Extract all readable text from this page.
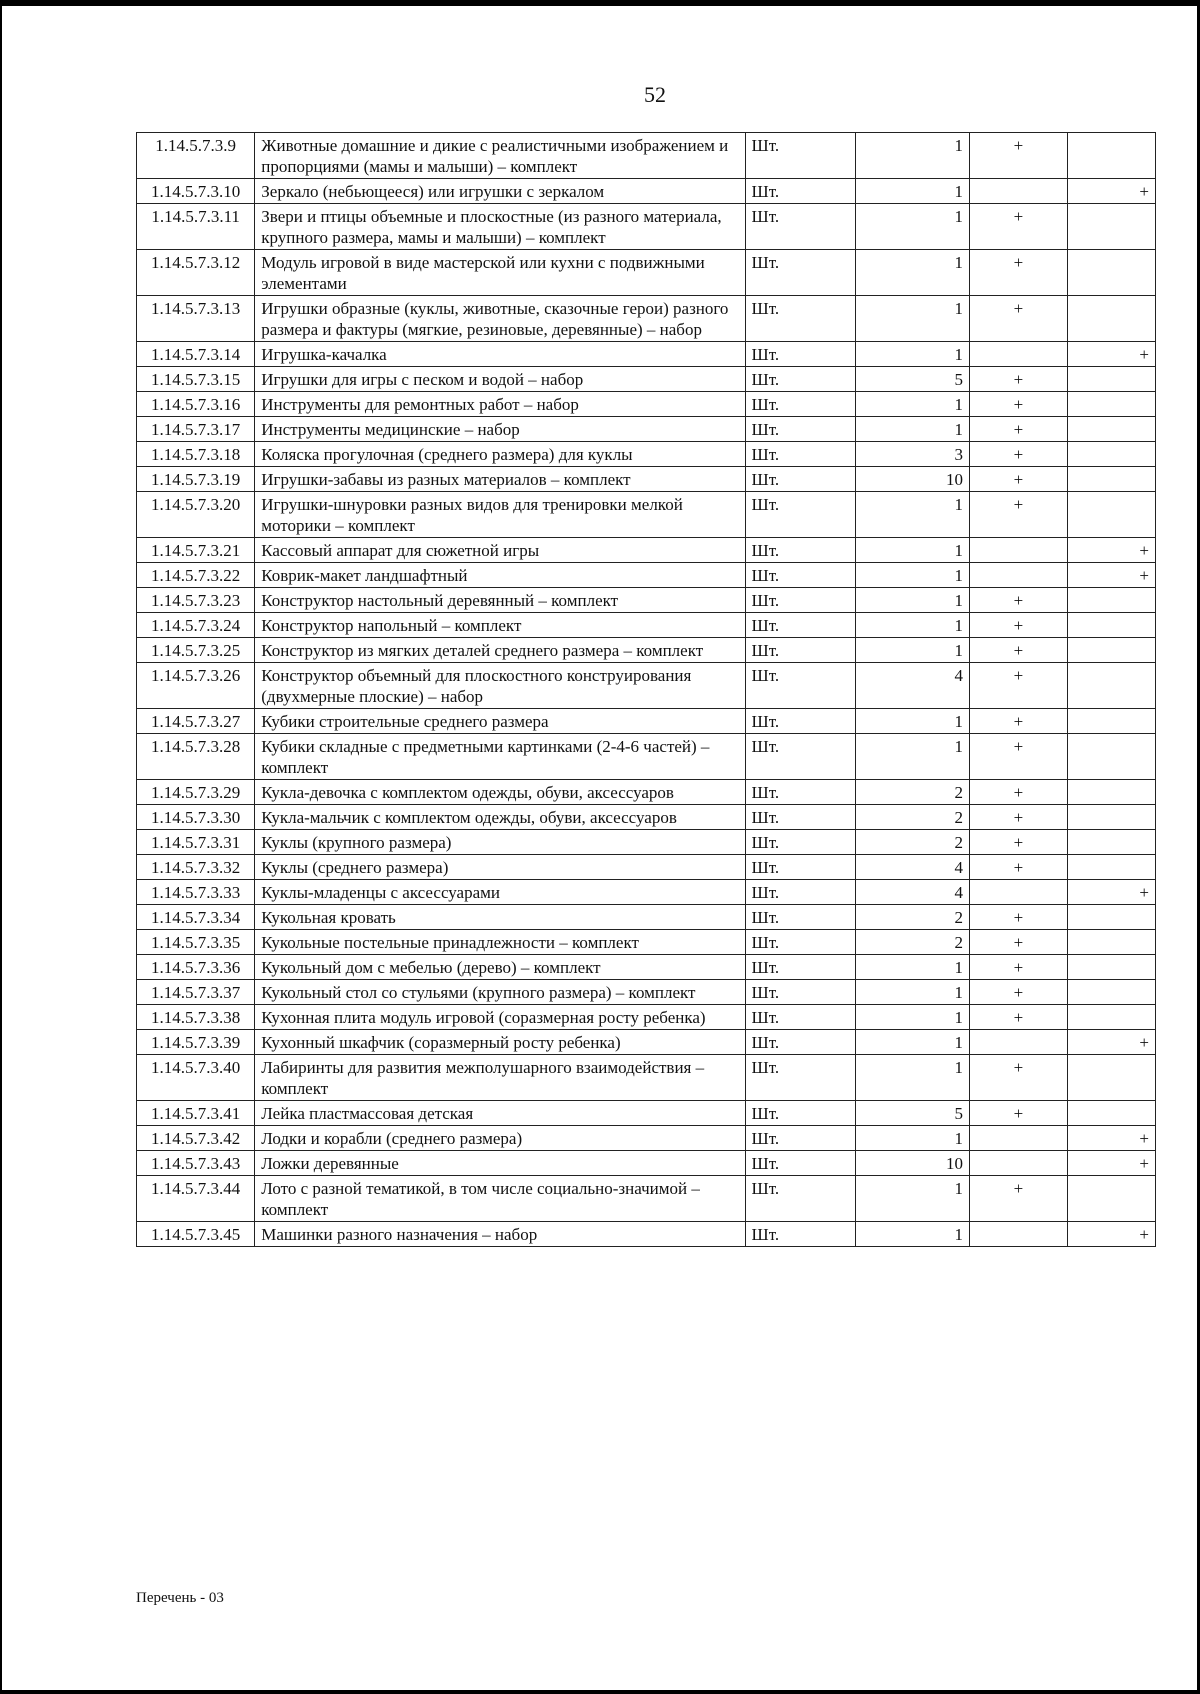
52
1.14.5.7.3.9	Животные домашние и дикие с реалистичными изображением и пропорциями (мамы и малыши) – комплект	Шт.	1	+	
1.14.5.7.3.10	Зеркало (небьющееся) или игрушки с зеркалом	Шт.	1		+
1.14.5.7.3.11	Звери и птицы объемные и плоскостные (из разного материала, крупного размера, мамы и малыши) – комплект	Шт.	1	+	
1.14.5.7.3.12	Модуль игровой в виде мастерской или кухни с подвижными элементами	Шт.	1	+	
1.14.5.7.3.13	Игрушки образные (куклы, животные, сказочные герои) разного размера и фактуры (мягкие, резиновые, деревянные) – набор	Шт.	1	+	
1.14.5.7.3.14	Игрушка-качалка	Шт.	1		+
1.14.5.7.3.15	Игрушки для игры с песком и водой – набор	Шт.	5	+	
1.14.5.7.3.16	Инструменты для ремонтных работ – набор	Шт.	1	+	
1.14.5.7.3.17	Инструменты медицинские – набор	Шт.	1	+	
1.14.5.7.3.18	Коляска прогулочная (среднего размера) для куклы	Шт.	3	+	
1.14.5.7.3.19	Игрушки-забавы из разных материалов – комплект	Шт.	10	+	
1.14.5.7.3.20	Игрушки-шнуровки разных видов для тренировки мелкой моторики – комплект	Шт.	1	+	
1.14.5.7.3.21	Кассовый аппарат для сюжетной игры	Шт.	1		+
1.14.5.7.3.22	Коврик-макет ландшафтный	Шт.	1		+
1.14.5.7.3.23	Конструктор настольный деревянный – комплект	Шт.	1	+	
1.14.5.7.3.24	Конструктор напольный – комплект	Шт.	1	+	
1.14.5.7.3.25	Конструктор из мягких деталей среднего размера – комплект	Шт.	1	+	
1.14.5.7.3.26	Конструктор объемный для плоскостного конструирования (двухмерные плоские) – набор	Шт.	4	+	
1.14.5.7.3.27	Кубики строительные среднего размера	Шт.	1	+	
1.14.5.7.3.28	Кубики складные с предметными картинками (2-4-6 частей) – комплект	Шт.	1	+	
1.14.5.7.3.29	Кукла-девочка с комплектом одежды, обуви, аксессуаров	Шт.	2	+	
1.14.5.7.3.30	Кукла-мальчик с комплектом одежды, обуви, аксессуаров	Шт.	2	+	
1.14.5.7.3.31	Куклы (крупного размера)	Шт.	2	+	
1.14.5.7.3.32	Куклы (среднего размера)	Шт.	4	+	
1.14.5.7.3.33	Куклы-младенцы с аксессуарами	Шт.	4		+
1.14.5.7.3.34	Кукольная кровать	Шт.	2	+	
1.14.5.7.3.35	Кукольные постельные принадлежности – комплект	Шт.	2	+	
1.14.5.7.3.36	Кукольный дом с мебелью (дерево) – комплект	Шт.	1	+	
1.14.5.7.3.37	Кукольный стол со стульями (крупного размера) – комплект	Шт.	1	+	
1.14.5.7.3.38	Кухонная плита модуль игровой (соразмерная росту ребенка)	Шт.	1	+	
1.14.5.7.3.39	Кухонный шкафчик (соразмерный росту ребенка)	Шт.	1		+
1.14.5.7.3.40	Лабиринты для развития межполушарного взаимодействия – комплект	Шт.	1	+	
1.14.5.7.3.41	Лейка пластмассовая детская	Шт.	5	+	
1.14.5.7.3.42	Лодки и корабли (среднего размера)	Шт.	1		+
1.14.5.7.3.43	Ложки деревянные	Шт.	10		+
1.14.5.7.3.44	Лото с разной тематикой, в том числе социально-значимой – комплект	Шт.	1	+	
1.14.5.7.3.45	Машинки разного назначения – набор	Шт.	1		+
Перечень - 03
